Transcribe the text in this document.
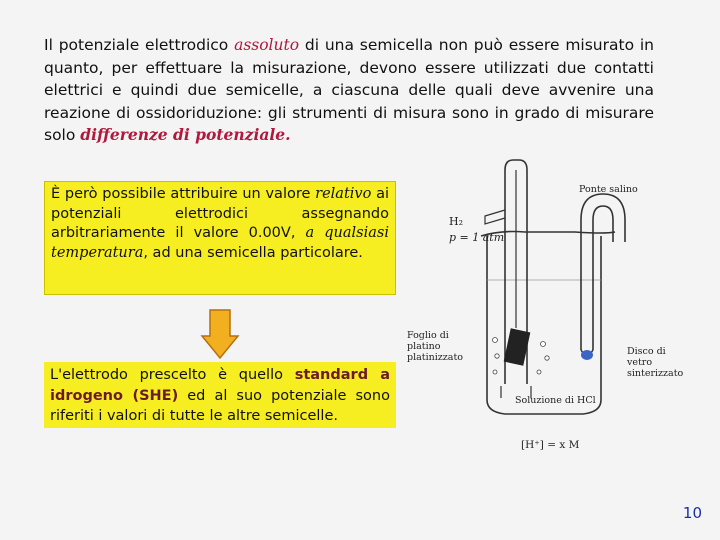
Il potenziale elettrodico assoluto di una semicella non può essere misurato in quanto, per effettuare la misurazione, devono essere utilizzati due contatti elettrici e quindi due semicelle, a ciascuna delle quali deve avvenire una reazione di ossidoriduzione: gli strumenti di misura sono in grado di misurare solo differenze di potenziale.

È però possibile attribuire un valore relativo ai potenziali elettrodici assegnando arbitrariamente il valore 0.00V, a qualsiasi temperatura, ad una semicella particolare.
L'elettrodo prescelto è quello standard a idrogeno (SHE) ed al suo potenziale sono riferiti i valori di tutte le altre semicelle.
Ponte salino
H₂
p = 1 atm
Foglio di platino platinizzato
Disco di vetro sinterizzato
Soluzione di HCl
[H⁺] = x M
10
